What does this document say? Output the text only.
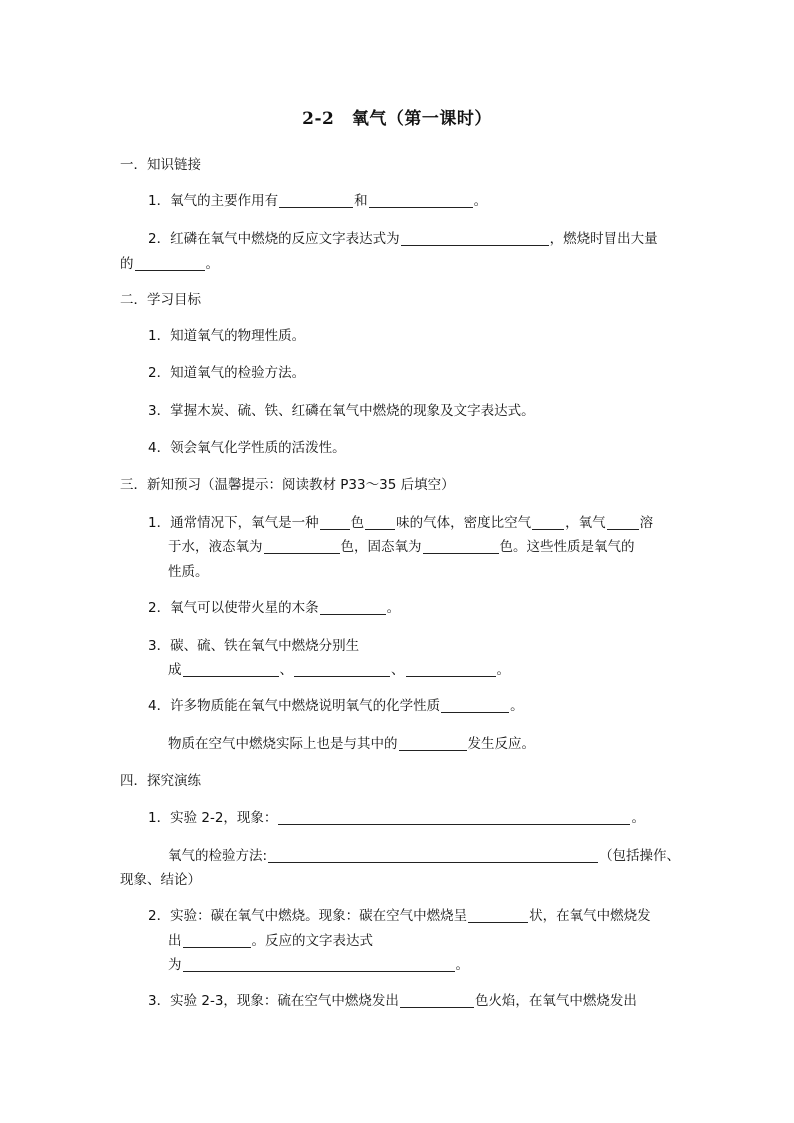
2-2　氧气（第一课时）
一．知识链接
1．氧气的主要作用有	和	。
2．红磷在氧气中燃烧的反应文字表达式为	，燃烧时冒出大量
的	。
二．学习目标
1．知道氧气的物理性质。
2．知道氧气的检验方法。
3．掌握木炭、硫、铁、红磷在氧气中燃烧的现象及文字表达式。
4．领会氧气化学性质的活泼性。
三．新知预习（温馨提示：阅读教材 P33～35 后填空）
1．通常情况下，氧气是一种 色 味的气体，密度比空气	，氧气	溶
于水，液态氧为	色，固态氧为	色。这些性质是氧气的
性质。
2．氧气可以使带火星的木条	。
3．碳、硫、铁在氧气中燃烧分别生
成	、	、	。
4．许多物质能在氧气中燃烧说明氧气的化学性质	。
物质在空气中燃烧实际上也是与其中的	发生反应。
四．探究演练
1．实验 2-2，现象：	。
氧气的检验方法:	（包括操作、
现象、结论）
2．实验：碳在氧气中燃烧。现象：碳在空气中燃烧呈	状，在氧气中燃烧发
出	。反应的文字表达式
为	。
3．实验 2-3，现象：硫在空气中燃烧发出	色火焰，在氧气中燃烧发出
